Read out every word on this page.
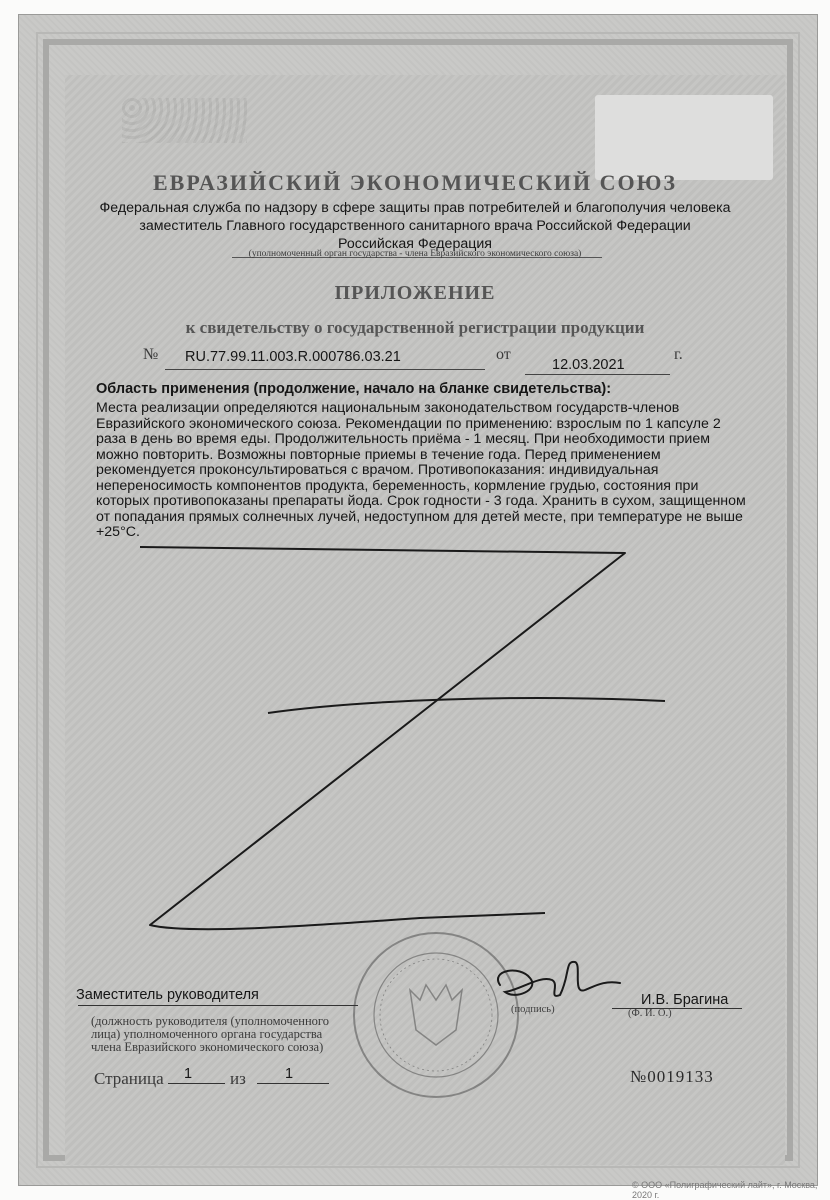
ЕВРАЗИЙСКИЙ ЭКОНОМИЧЕСКИЙ СОЮЗ
Федеральная служба по надзору в сфере защиты прав потребителей и благополучия человека
заместитель Главного государственного санитарного врача Российской Федерации
Российская Федерация
(уполномоченный орган государства - члена Евразийского экономического союза)
ПРИЛОЖЕНИЕ
к свидетельству о государственной регистрации продукции
№ RU.77.99.11.003.R.000786.03.21	от
12.03.2021
г.
Область применения (продолжение, начало на бланке свидетельства):
Места реализации определяются национальным законодательством государств-членов
Евразийского экономического союза. Рекомендации по применению: взрослым по 1 капсуле 2
раза в день во время еды. Продолжительность приёма - 1 месяц. При необходимости прием
можно повторить. Возможны повторные приемы в течение года. Перед применением
рекомендуется проконсультироваться с врачом. Противопоказания: индивидуальная
непереносимость компонентов продукта, беременность, кормление грудью, состояния при
которых противопоказаны препараты йода. Срок годности - 3 года. Хранить в сухом, защищенном
от попадания прямых солнечных лучей, недоступном для детей месте, при температуре не выше
+25°С.
Заместитель руководителя
(подпись)
И.В. Брагина
(Ф. И. О.)
(должность руководителя (уполномоченного
лица) уполномоченного органа государства
члена Евразийского экономического союза)
Страница 1 из	1	№0019133
© ООО «Полиграфический лайт», г. Москва, 2020 г.
